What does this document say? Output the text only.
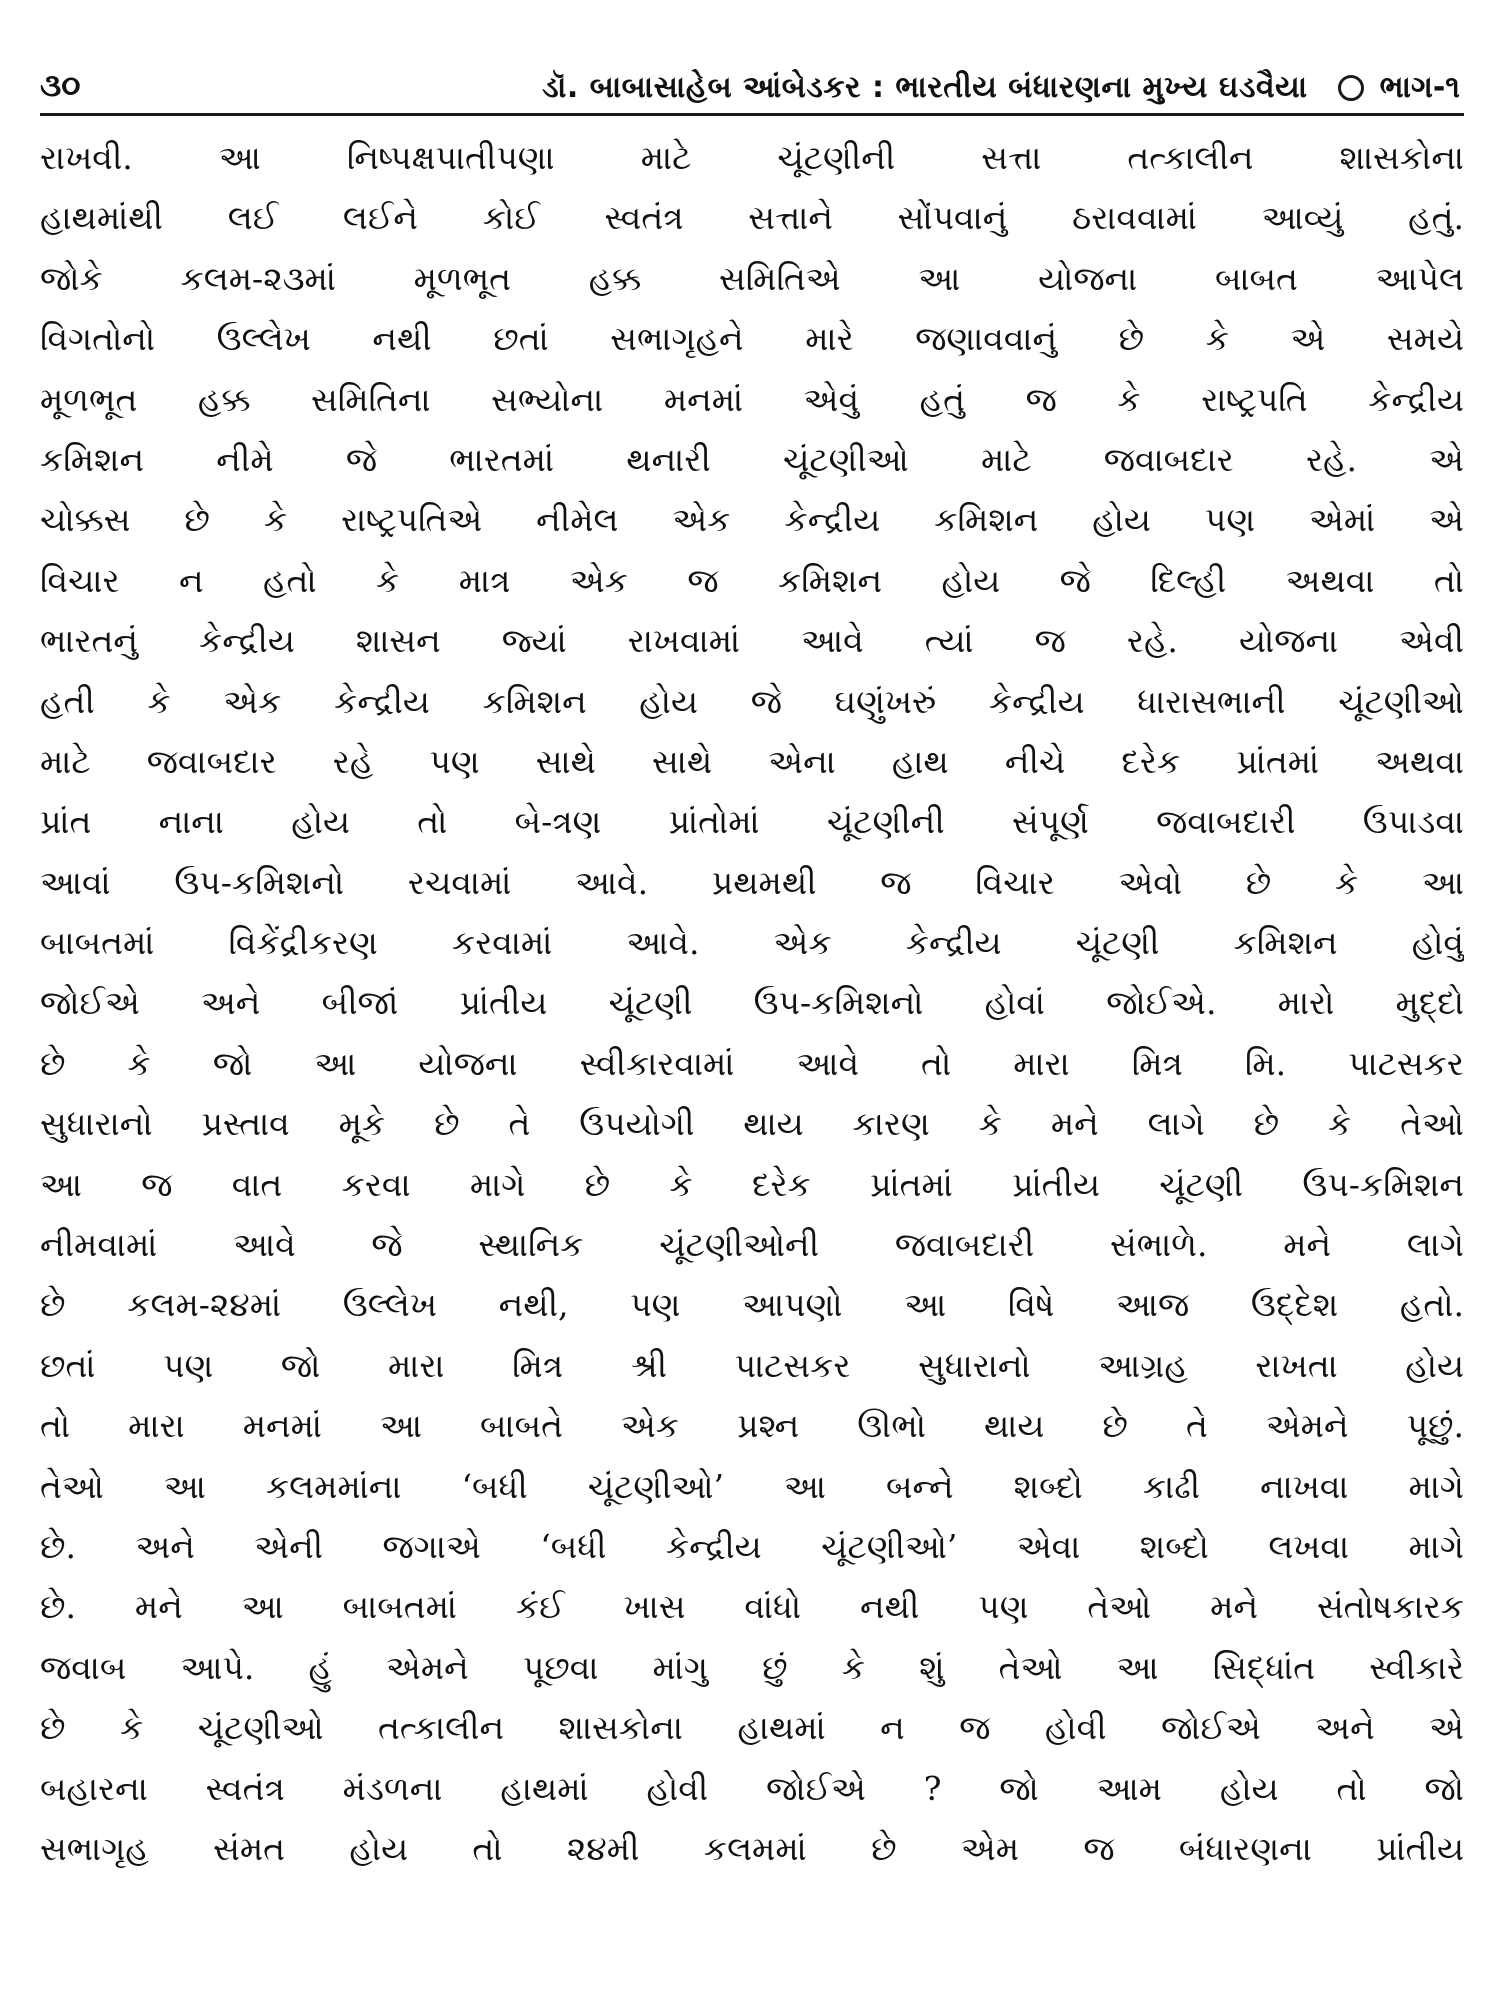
૩૦	ડૉ. બાબાસાહેબ આંબેડકર : ભારતીય બંધારણના મુખ્ય ઘડવૈયા	ભાગ-૧
રાખવી. આ નિષ્પક્ષપાતીપણા માટે ચૂંટણીની સત્તા તત્કાલીન શાસકોના
હાથમાંથી લઈ લઈને કોઈ સ્વતંત્ર સત્તાને સોંપવાનું ઠરાવવામાં આવ્યું હતું.
જોકે કલમ-૨૩માં મૂળભૂત હક્ક સમિતિએ આ યોજના બાબત આપેલ
વિગતોનો ઉલ્લેખ નથી છતાં સભાગૃહને મારે જણાવવાનું છે કે એ સમયે
મૂળભૂત હક્ક સમિતિના સભ્યોના મનમાં એવું હતું જ કે રાષ્ટ્રપતિ કેન્દ્રીય
કમિશન નીમે જે ભારતમાં થનારી ચૂંટણીઓ માટે જવાબદાર રહે. એ
ચોક્કસ છે કે રાષ્ટ્રપતિએ નીમેલ એક કેન્દ્રીય કમિશન હોય પણ એમાં એ
વિચાર ન હતો કે માત્ર એક જ કમિશન હોય જે દિલ્હી અથવા તો
ભારતનું કેન્દ્રીય શાસન જ્યાં રાખવામાં આવે ત્યાં જ રહે. યોજના એવી
હતી કે એક કેન્દ્રીય કમિશન હોય જે ઘણુંખરું કેન્દ્રીય ધારાસભાની ચૂંટણીઓ
માટે જવાબદાર રહે પણ સાથે સાથે એના હાથ નીચે દરેક પ્રાંતમાં અથવા
પ્રાંત નાના હોય તો બે-ત્રણ પ્રાંતોમાં ચૂંટણીની સંપૂર્ણ જવાબદારી ઉપાડવા
આવાં ઉપ-કમિશનો રચવામાં આવે. પ્રથમથી જ વિચાર એવો છે કે આ
બાબતમાં વિકેંદ્રીકરણ કરવામાં આવે. એક કેન્દ્રીય ચૂંટણી કમિશન હોવું
જોઈએ અને બીજાં પ્રાંતીય ચૂંટણી ઉપ-કમિશનો હોવાં જોઈએ. મારો મુદ્દો
છે કે જો આ યોજના સ્વીકારવામાં આવે તો મારા મિત્ર મિ. પાટસકર
સુધારાનો પ્રસ્તાવ મૂકે છે તે ઉપયોગી થાય કારણ કે મને લાગે છે કે તેઓ
આ જ વાત કરવા માગે છે કે દરેક પ્રાંતમાં પ્રાંતીય ચૂંટણી ઉપ-કમિશન
નીમવામાં આવે જે સ્થાનિક ચૂંટણીઓની જવાબદારી સંભાળે. મને લાગે
છે કલમ-૨૪માં ઉલ્લેખ નથી, પણ આપણો આ વિષે આજ ઉદ્દેશ હતો.
છતાં પણ જો મારા મિત્ર શ્રી પાટસકર સુધારાનો આગ્રહ રાખતા હોય
તો મારા મનમાં આ બાબતે એક પ્રશ્ન ઊભો થાય છે તે એમને પૂછું.
તેઓ આ કલમમાંના ‘બધી ચૂંટણીઓ’ આ બન્ને શબ્દો કાઢી નાખવા માગે
છે. અને એની જગાએ ‘બધી કેન્દ્રીય ચૂંટણીઓ’ એવા શબ્દો લખવા માગે
છે. મને આ બાબતમાં કંઈ ખાસ વાંધો નથી પણ તેઓ મને સંતોષકારક
જવાબ આપે. હું એમને પૂછવા માંગુ છું કે શું તેઓ આ સિદ્ધાંત સ્વીકારે
છે કે ચૂંટણીઓ તત્કાલીન શાસકોના હાથમાં ન જ હોવી જોઈએ અને એ
બહારના સ્વતંત્ર મંડળના હાથમાં હોવી જોઈએ ? જો આમ હોય તો જો
સભાગૃહ સંમત હોય તો ૨૪મી કલમમાં છે એમ જ બંધારણના પ્રાંતીય
